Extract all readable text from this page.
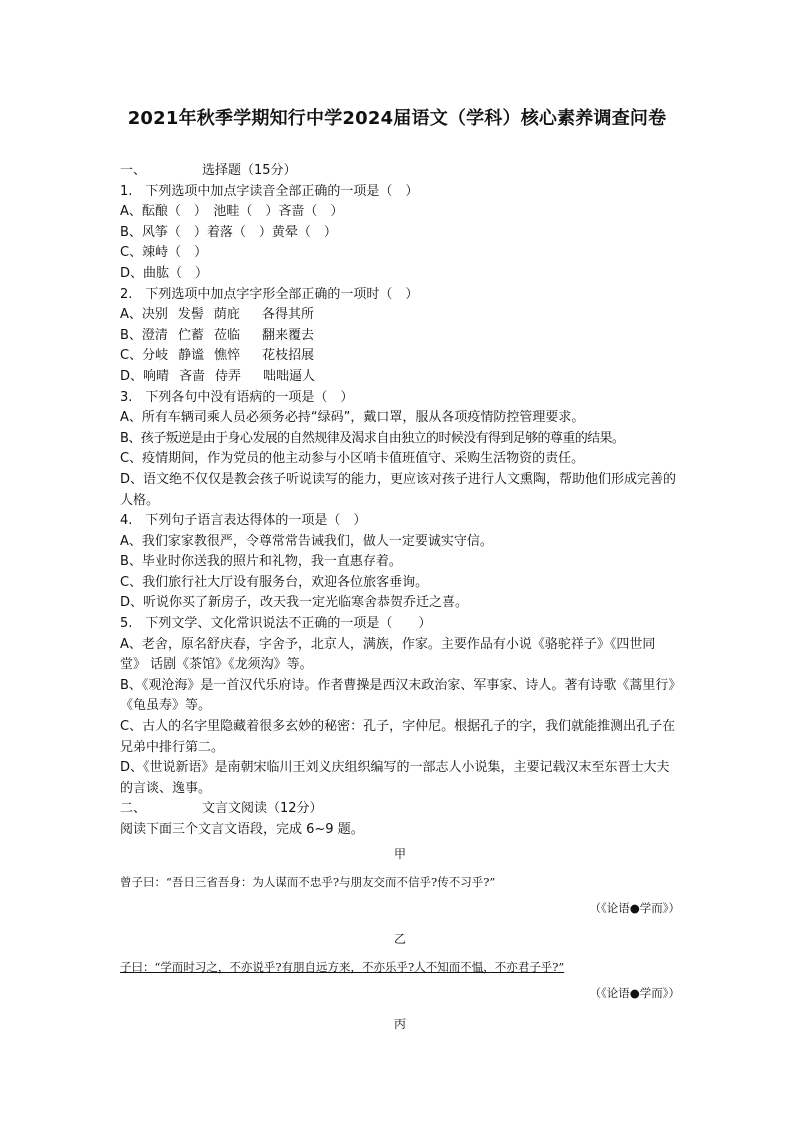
2021年秋季学期知行中学2024届语文（学科）核心素养调查问卷
一、	选择题（15分）
1.　下列选项中加点字读音全部正确的一项是（　）
A、酝酿（　）　池畦（　）吝啬（　）
B、风筝（　）着落（　）黄晕（　）
C、竦峙（　）
D、曲肱（　）
2.　下列选项中加点字字形全部正确的一项时（　）
A、决别 发髻 荫庇 各得其所
B、澄清 伫蓄 莅临 翻来覆去
C、分岐 静谧 憔悴 花枝招展
D、响晴 吝啬 侍弄 咄咄逼人
3.　下列各句中没有语病的一项是（　）
A、所有车辆司乘人员必须务必持“绿码”，戴口罩，服从各项疫情防控管理要求。
B、孩子叛逆是由于身心发展的自然规律及渴求自由独立的时候没有得到足够的尊重的结果。
C、疫情期间，作为党员的他主动参与小区哨卡值班值守、采购生活物资的责任。
D、语文绝不仅仅是教会孩子听说读写的能力，更应该对孩子进行人文熏陶，帮助他们形成完善的人格。
4.　下列句子语言表达得体的一项是（　）
A、我们家家教很严，令尊常常告诫我们，做人一定要诚实守信。
B、毕业时你送我的照片和礼物，我一直惠存着。
C、我们旅行社大厅设有服务台，欢迎各位旅客垂询。
D、听说你买了新房子，改天我一定光临寒舍恭贺乔迁之喜。
5.　下列文学、文化常识说法不正确的一项是（　　）
A、老舍，原名舒庆春，字舍予，北京人，满族，作家。主要作品有小说《骆驼祥子》《四世同堂》 话剧《茶馆》《龙须沟》等。
B、《观沧海》是一首汉代乐府诗。作者曹操是西汉末政治家、军事家、诗人。著有诗歌《蒿里行》《龟虽寿》等。
C、古人的名字里隐藏着很多玄妙的秘密：孔子，字仲尼。根据孔子的字，我们就能推测出孔子在兄弟中排行第二。
D、《世说新语》是南朝宋临川王刘义庆组织编写的一部志人小说集，主要记载汉末至东晋士大夫的言谈、逸事。
二、	文言文阅读（12分）
阅读下面三个文言文语段，完成 6~9 题。
甲
曾子曰：“吾日三省吾身：为人谋而不忠乎?与朋友交而不信乎?传不习乎?”
（《论语●学而》）
乙
子曰：“学而时习之，不亦说乎?有朋自远方来，不亦乐乎?人不知而不愠，不亦君子乎?”
（《论语●学而》）
丙
